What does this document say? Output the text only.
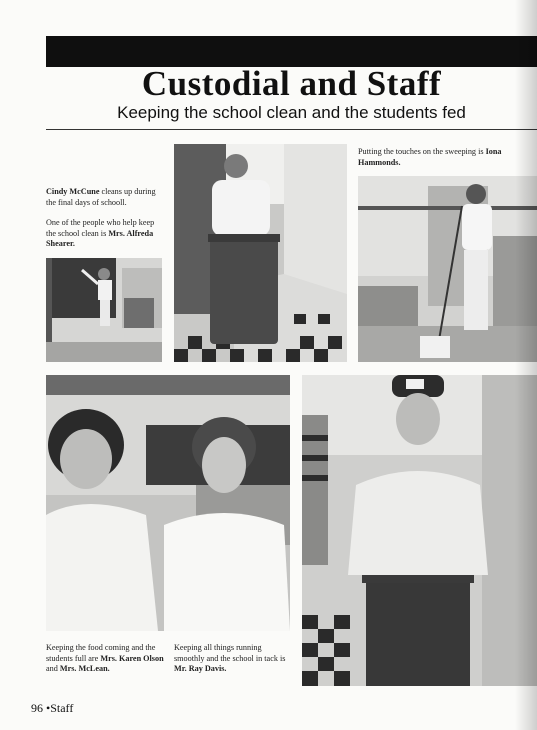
Custodial and Staff
Keeping the school clean and the students fed
Cindy McCune cleans up during the final days of schooll.
One of the people who help keep the school clean is Mrs. Alfreda Shearer.
Putting the touches on the sweeping is Iona Hammonds.
Keeping the food coming and the students full are Mrs. Karen Olson and Mrs. McLean.
Keeping all things running smoothly and the school in tack is Mr. Ray Davis.
96 •Staff
